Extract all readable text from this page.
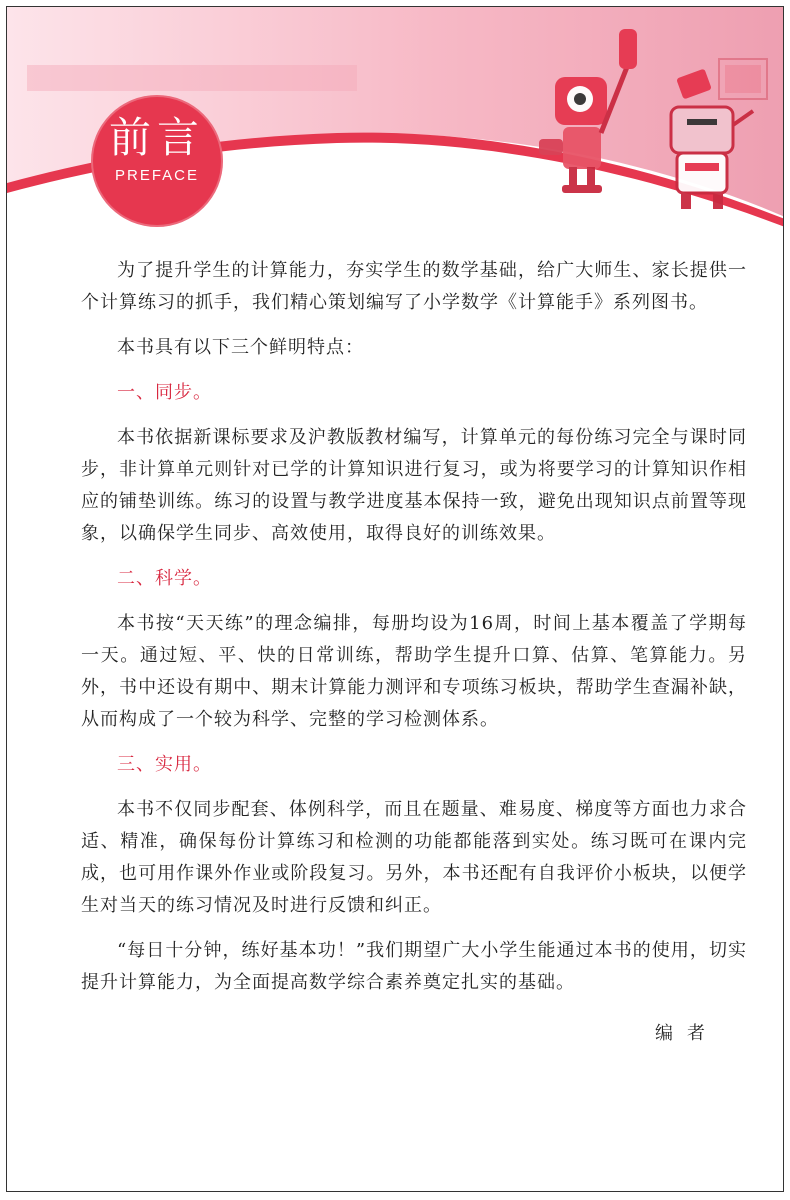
前言
PREFACE

为了提升学生的计算能力，夯实学生的数学基础，给广大师生、家长提供一个计算练习的抓手，我们精心策划编写了小学数学《计算能手》系列图书。

本书具有以下三个鲜明特点：

一、同步。

本书依据新课标要求及沪教版教材编写，计算单元的每份练习完全与课时同步，非计算单元则针对已学的计算知识进行复习，或为将要学习的计算知识作相应的铺垫训练。练习的设置与教学进度基本保持一致，避免出现知识点前置等现象，以确保学生同步、高效使用，取得良好的训练效果。

二、科学。

本书按“天天练”的理念编排，每册均设为16周，时间上基本覆盖了学期每一天。通过短、平、快的日常训练，帮助学生提升口算、估算、笔算能力。另外，书中还设有期中、期末计算能力测评和专项练习板块，帮助学生查漏补缺，从而构成了一个较为科学、完整的学习检测体系。

三、实用。

本书不仅同步配套、体例科学，而且在题量、难易度、梯度等方面也力求合适、精准，确保每份计算练习和检测的功能都能落到实处。练习既可在课内完成，也可用作课外作业或阶段复习。另外，本书还配有自我评价小板块，以便学生对当天的练习情况及时进行反馈和纠正。

“每日十分钟，练好基本功！”我们期望广大小学生能通过本书的使用，切实提升计算能力，为全面提高数学综合素养奠定扎实的基础。

编者
